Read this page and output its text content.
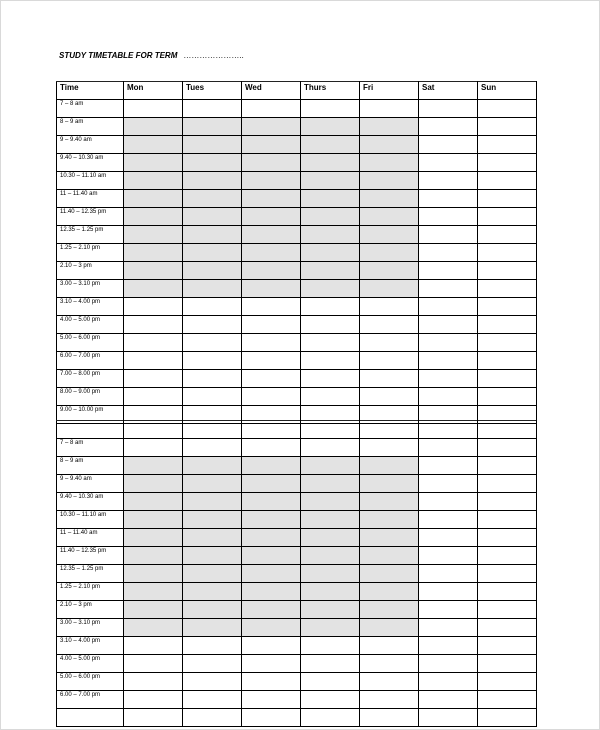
STUDY TIMETABLE FOR TERM …………………..
Time	Mon	Tues	Wed	Thurs	Fri	Sat	Sun
7 – 8 am							
8 – 9 am							
9 – 9.40 am							
9.40 – 10.30 am							
10.30 – 11.10 am							
11 – 11.40 am							
11.40 – 12.35 pm							
12.35 – 1.25 pm							
1.25 – 2.10 pm							
2.10 – 3 pm							
3.00 – 3.10 pm							
3.10 – 4.00 pm							
4.00 – 5.00 pm							
5.00 – 6.00 pm							
6.00 – 7.00 pm							
7.00 – 8.00 pm							
8.00 – 9.00 pm							
9.00 – 10.00 pm							

7 – 8 am							
8 – 9 am							
9 – 9.40 am							
9.40 – 10.30 am							
10.30 – 11.10 am							
11 – 11.40 am							
11.40 – 12.35 pm							
12.35 – 1.25 pm							
1.25 – 2.10 pm							
2.10 – 3 pm							
3.00 – 3.10 pm							
3.10 – 4.00 pm							
4.00 – 5.00 pm							
5.00 – 6.00 pm							
6.00 – 7.00 pm							
